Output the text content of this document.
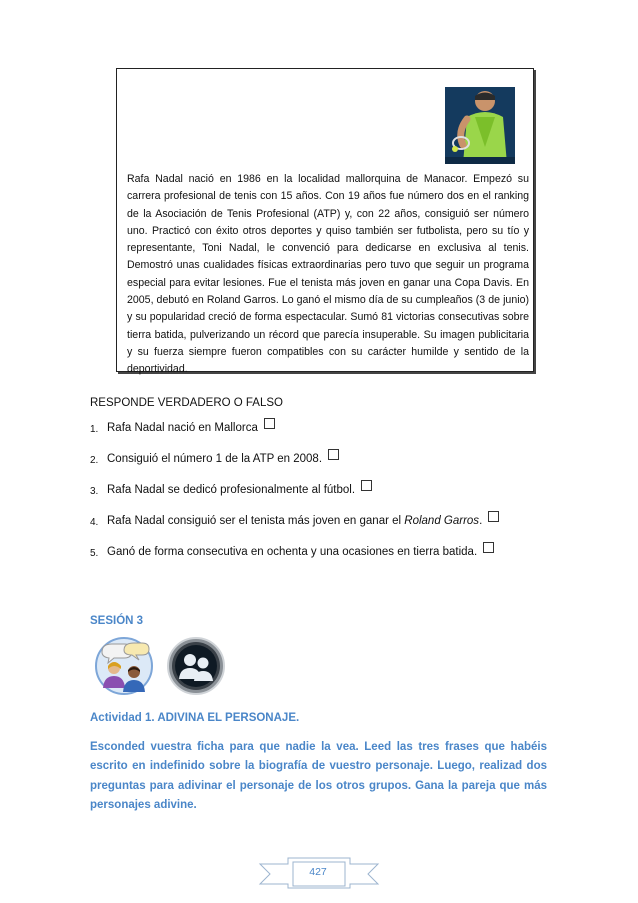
Rafa Nadal nació en 1986 en la localidad mallorquina de Manacor. Empezó su carrera profesional de tenis con 15 años. Con 19 años fue número dos en el ranking de la Asociación de Tenis Profesional (ATP) y, con 22 años, consiguió ser número uno. Practicó con éxito otros deportes y quiso también ser futbolista, pero su tío y representante, Toni Nadal, le convenció para dedicarse en exclusiva al tenis. Demostró unas cualidades físicas extraordinarias pero tuvo que seguir un programa especial para evitar lesiones. Fue el tenista más joven en ganar una Copa Davis. En 2005, debutó en Roland Garros. Lo ganó el mismo día de su cumpleaños (3 de junio) y su popularidad creció de forma espectacular. Sumó 81 victorias consecutivas sobre tierra batida, pulverizando un récord que parecía insuperable. Su imagen publicitaria y su fuerza siempre fueron compatibles con su carácter humilde y sentido de la deportividad.
RESPONDE VERDADERO O FALSO
1. Rafa Nadal nació en Mallorca
2. Consiguió el número 1 de la ATP en 2008.
3. Rafa Nadal se dedicó profesionalmente al fútbol.
4. Rafa Nadal consiguió ser el tenista más joven en ganar el Roland Garros.
5. Ganó de forma consecutiva en ochenta y una ocasiones en tierra batida.
SESIÓN 3
Actividad 1. ADIVINA EL PERSONAJE.
Esconded vuestra ficha para que nadie la vea. Leed las tres frases que habéis escrito en indefinido sobre la biografía de vuestro personaje. Luego, realizad dos preguntas para adivinar el personaje de los otros grupos. Gana la pareja que más personajes adivine.
427
